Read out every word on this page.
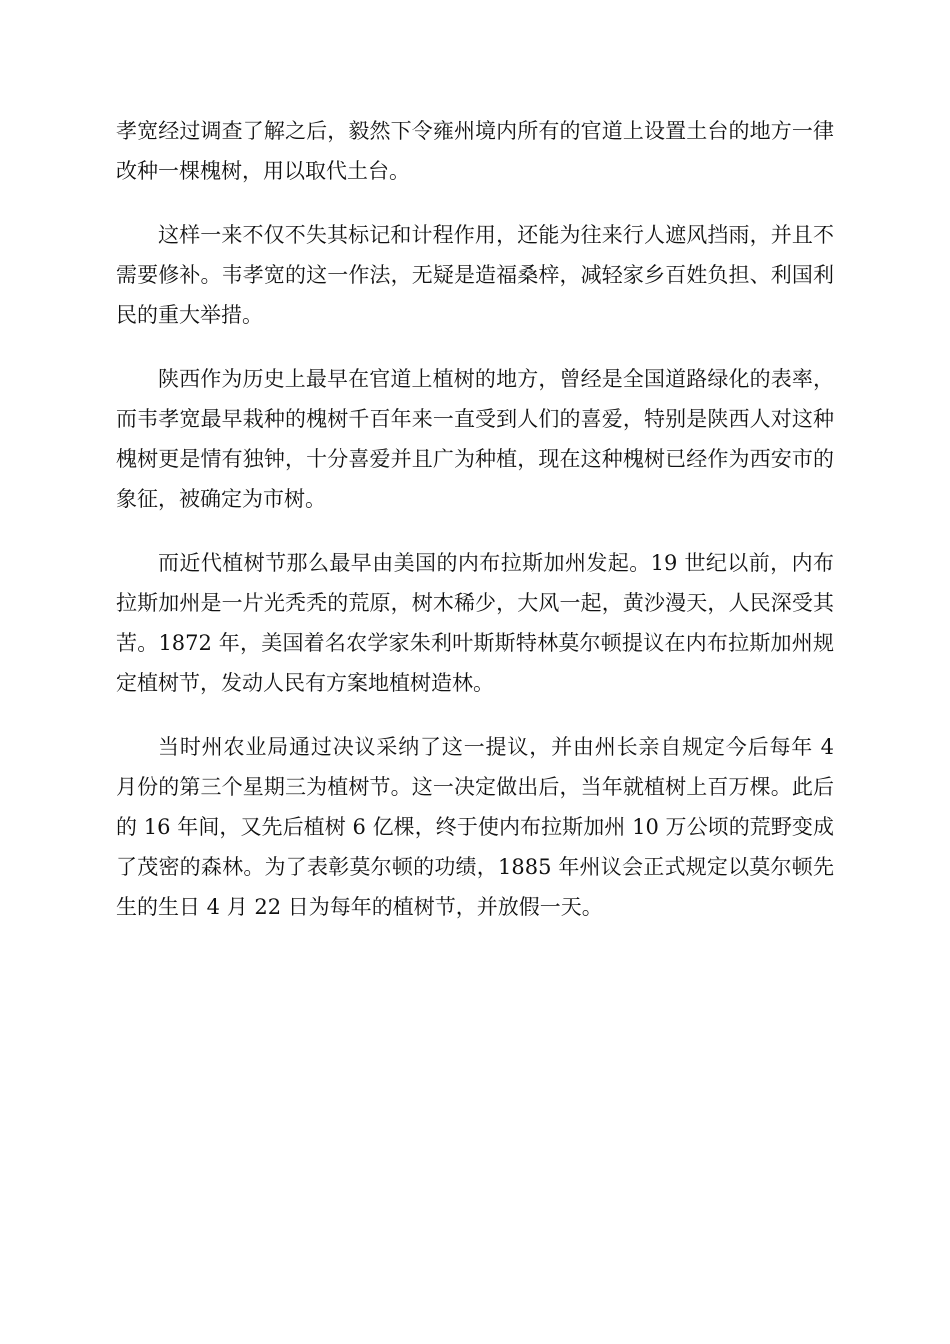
孝宽经过调查了解之后，毅然下令雍州境内所有的官道上设置土台的地方一律改种一棵槐树，用以取代土台。

这样一来不仅不失其标记和计程作用，还能为往来行人遮风挡雨，并且不需要修补。韦孝宽的这一作法，无疑是造福桑梓，减轻家乡百姓负担、利国利民的重大举措。

陕西作为历史上最早在官道上植树的地方，曾经是全国道路绿化的表率，而韦孝宽最早栽种的槐树千百年来一直受到人们的喜爱，特别是陕西人对这种槐树更是情有独钟，十分喜爱并且广为种植，现在这种槐树已经作为西安市的象征，被确定为市树。

而近代植树节那么最早由美国的内布拉斯加州发起。19 世纪以前，内布拉斯加州是一片光秃秃的荒原，树木稀少，大风一起，黄沙漫天，人民深受其苦。1872 年，美国着名农学家朱利叶斯斯特林莫尔顿提议在内布拉斯加州规定植树节，发动人民有方案地植树造林。

当时州农业局通过决议采纳了这一提议，并由州长亲自规定今后每年 4 月份的第三个星期三为植树节。这一决定做出后，当年就植树上百万棵。此后的 16 年间，又先后植树 6 亿棵，终于使内布拉斯加州 10 万公顷的荒野变成了茂密的森林。为了表彰莫尔顿的功绩，1885 年州议会正式规定以莫尔顿先生的生日 4 月 22 日为每年的植树节，并放假一天。
